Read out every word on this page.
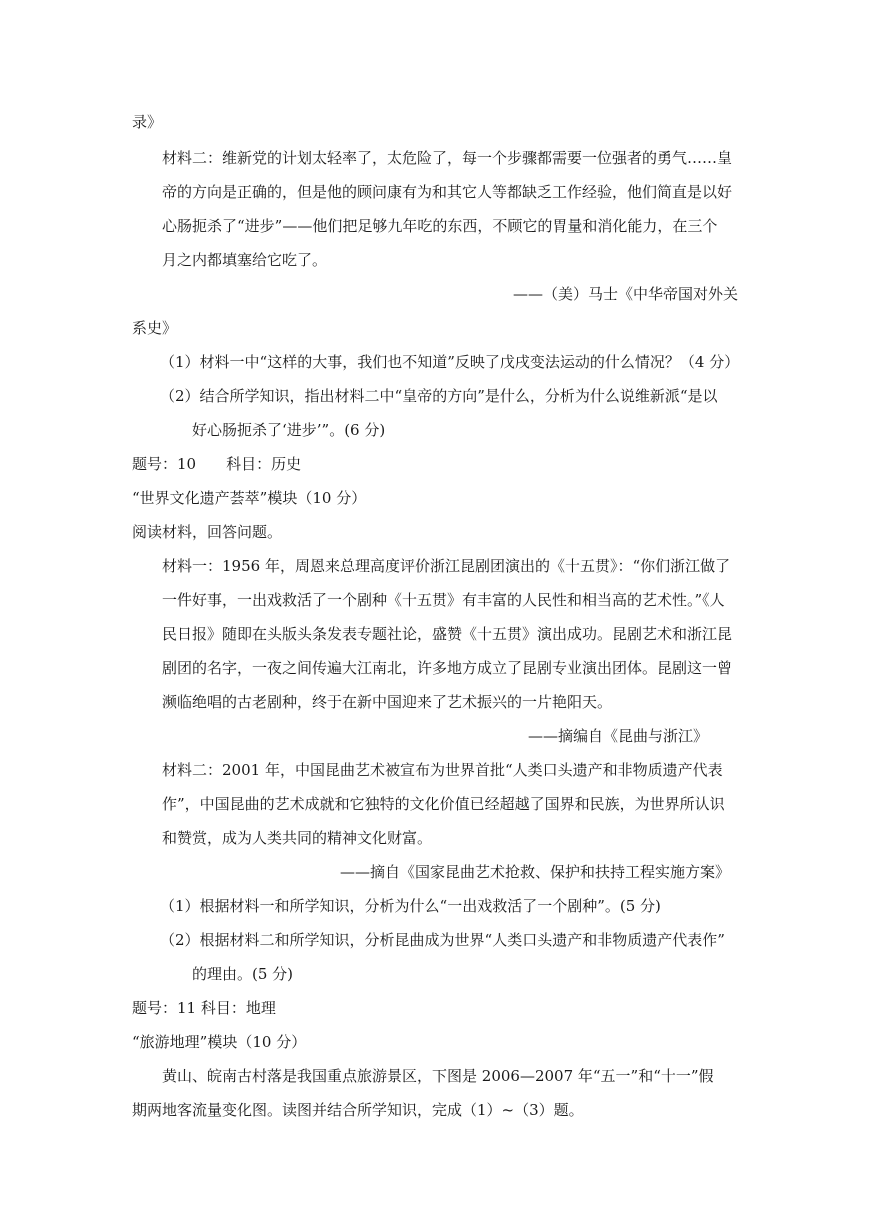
录》
材料二：维新党的计划太轻率了，太危险了，每一个步骤都需要一位强者的勇气……皇
帝的方向是正确的，但是他的顾问康有为和其它人等都缺乏工作经验，他们简直是以好
心肠扼杀了“进步”——他们把足够九年吃的东西，不顾它的胃量和消化能力，在三个
月之内都填塞给它吃了。
——（美）马士《中华帝国对外关
系史》
（1）材料一中“这样的大事，我们也不知道”反映了戊戌变法运动的什么情况？（4 分）
（2）结合所学知识，指出材料二中“皇帝的方向”是什么，分析为什么说维新派“是以
好心肠扼杀了‘进步’”。(6 分)
题号：10　　科目：历史
“世界文化遗产荟萃”模块（10 分）
阅读材料，回答问题。
材料一：1956 年，周恩来总理高度评价浙江昆剧团演出的《十五贯》：“你们浙江做了
一件好事，一出戏救活了一个剧种《十五贯》有丰富的人民性和相当高的艺术性。”《人
民日报》随即在头版头条发表专题社论，盛赞《十五贯》演出成功。昆剧艺术和浙江昆
剧团的名字，一夜之间传遍大江南北，许多地方成立了昆剧专业演出团体。昆剧这一曾
濒临绝唱的古老剧种，终于在新中国迎来了艺术振兴的一片艳阳天。
——摘编自《昆曲与浙江》
材料二：2001 年，中国昆曲艺术被宣布为世界首批“人类口头遗产和非物质遗产代表
作”，中国昆曲的艺术成就和它独特的文化价值已经超越了国界和民族，为世界所认识
和赞赏，成为人类共同的精神文化财富。
——摘自《国家昆曲艺术抢救、保护和扶持工程实施方案》
（1）根据材料一和所学知识，分析为什么“一出戏救活了一个剧种”。(5 分)
（2）根据材料二和所学知识，分析昆曲成为世界“人类口头遗产和非物质遗产代表作”
的理由。(5 分)
题号：11 科目：地理
“旅游地理”模块（10 分）
黄山、皖南古村落是我国重点旅游景区，下图是 2006—2007 年“五一”和“十一”假
期两地客流量变化图。读图并结合所学知识，完成（1）~（3）题。
